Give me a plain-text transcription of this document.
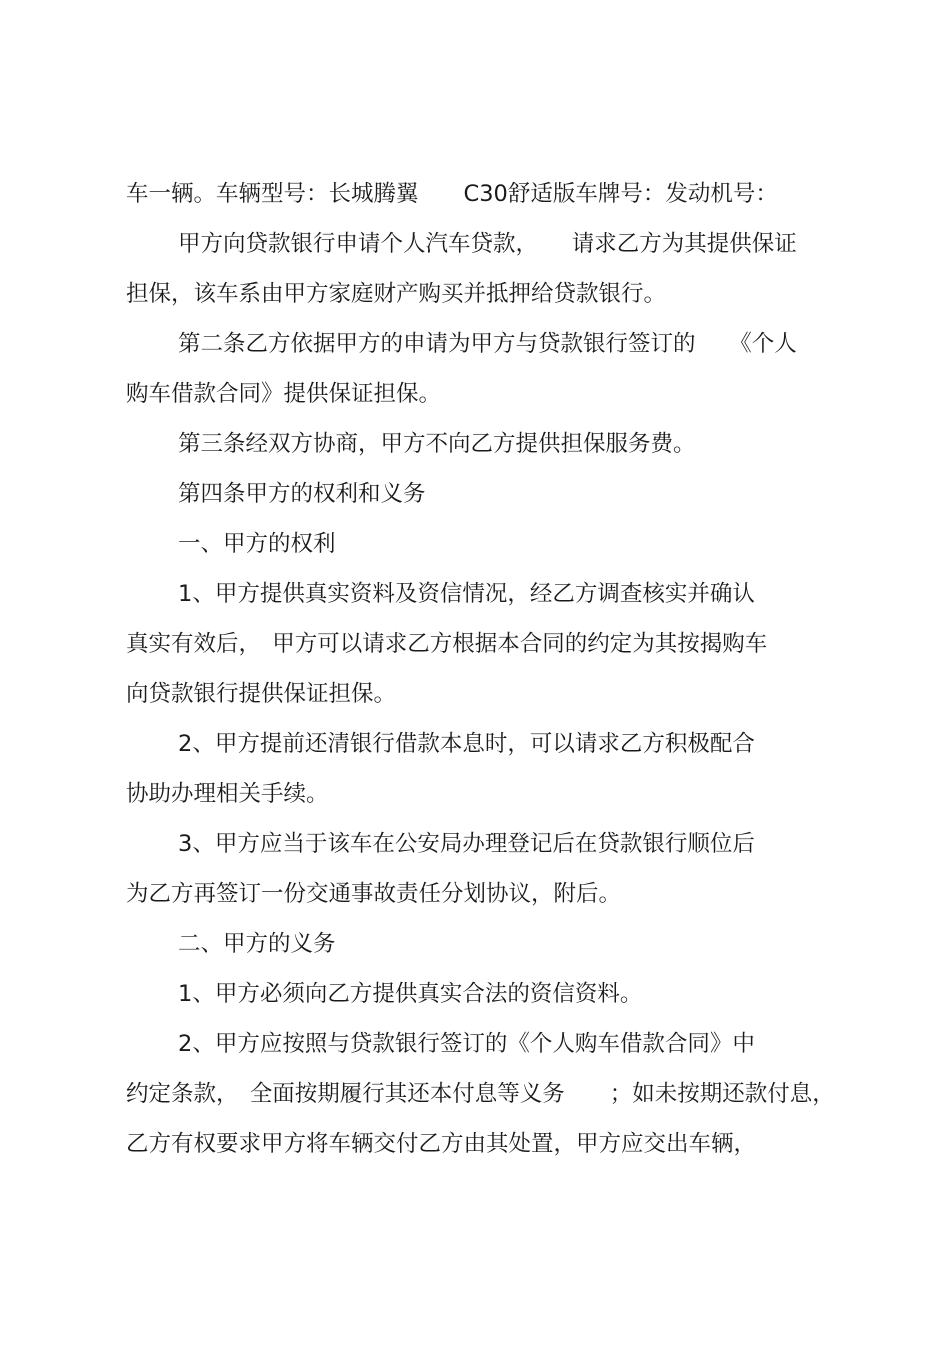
车一辆。车辆型号：长城腾翼　　C30舒适版车牌号：发动机号：
甲方向贷款银行申请个人汽车贷款，　　请求乙方为其提供保证
担保，该车系由甲方家庭财产购买并抵押给贷款银行。
第二条乙方依据甲方的申请为甲方与贷款银行签订的　　《个人
购车借款合同》提供保证担保。
第三条经双方协商，甲方不向乙方提供担保服务费。
第四条甲方的权利和义务
一、甲方的权利
1、甲方提供真实资料及资信情况，经乙方调查核实并确认
真实有效后，　甲方可以请求乙方根据本合同的约定为其按揭购车
向贷款银行提供保证担保。
2、甲方提前还清银行借款本息时，可以请求乙方积极配合
协助办理相关手续。
3、甲方应当于该车在公安局办理登记后在贷款银行顺位后
为乙方再签订一份交通事故责任分划协议，附后。
二、甲方的义务
1、甲方必须向乙方提供真实合法的资信资料。
2、甲方应按照与贷款银行签订的《个人购车借款合同》中
约定条款，　全面按期履行其还本付息等义务　　；如未按期还款付息，
乙方有权要求甲方将车辆交付乙方由其处置，甲方应交出车辆，
